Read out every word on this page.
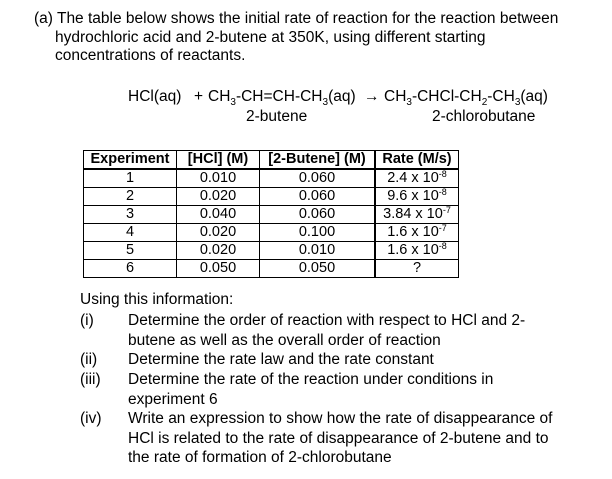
(a) The table below shows the initial rate of reaction for the reaction between
hydrochloric acid and 2-butene at 350K, using different starting
concentrations of reactants.
$HCl(aq) + CH_3-CH=CH-CH_3(aq)$ → $CH_3-CHCl-CH_2-CH_3(aq)$
2-butene	2-chlorobutane
Experiment	[HCl] (M)	[2-Butene] (M)	Rate (M/s)
1	0.010	0.060	2.4 x $10^{-8}$
2	0.020	0.060	9.6 x $10^{-8}$
3	0.040	0.060	3.84 x $10^{-7}$
4	0.020	0.100	1.6 x $10^{-7}$
5	0.020	0.010	1.6 x $10^{-8}$
6	0.050	0.050	?
Using this information:
(i) Determine the order of reaction with respect to HCl and 2-
butene as well as the overall order of reaction
(ii) Determine the rate law and the rate constant
(iii) Determine the rate of the reaction under conditions in
experiment 6
(iv) Write an expression to show how the rate of disappearance of
HCl is related to the rate of disappearance of 2-butene and to
the rate of formation of 2-chlorobutane
